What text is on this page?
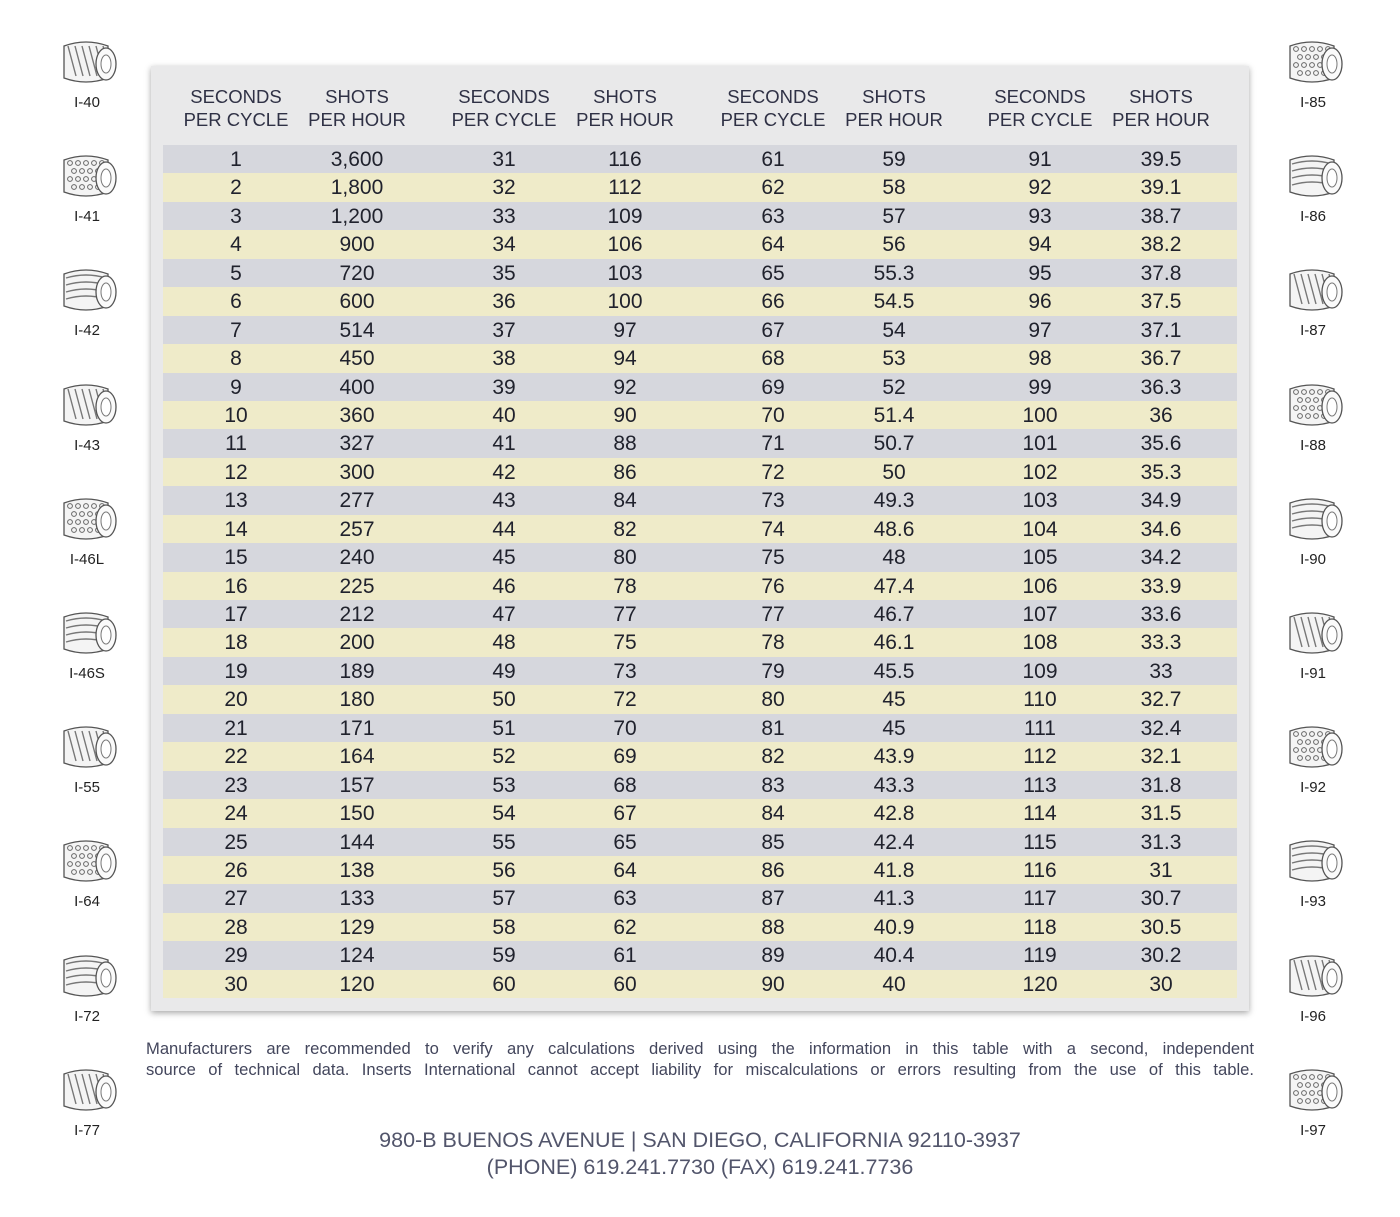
I-40
I-41
I-42
I-43
I-46L
I-46S
I-55
I-64
I-72
I-77
I-85
I-86
I-87
I-88
I-90
I-91
I-92
I-93
I-96
I-97
SECONDS
PER CYCLE
SHOTS
PER HOUR
SECONDS
PER CYCLE
SHOTS
PER HOUR
SECONDS
PER CYCLE
SHOTS
PER HOUR
SECONDS
PER CYCLE
SHOTS
PER HOUR
1	3,600	31	116	61	59	91	39.5
2	1,800	32	112	62	58	92	39.1
3	1,200	33	109	63	57	93	38.7
4	900	34	106	64	56	94	38.2
5	720	35	103	65	55.3	95	37.8
6	600	36	100	66	54.5	96	37.5
7	514	37	97	67	54	97	37.1
8	450	38	94	68	53	98	36.7
9	400	39	92	69	52	99	36.3
10	360	40	90	70	51.4	100	36
11	327	41	88	71	50.7	101	35.6
12	300	42	86	72	50	102	35.3
13	277	43	84	73	49.3	103	34.9
14	257	44	82	74	48.6	104	34.6
15	240	45	80	75	48	105	34.2
16	225	46	78	76	47.4	106	33.9
17	212	47	77	77	46.7	107	33.6
18	200	48	75	78	46.1	108	33.3
19	189	49	73	79	45.5	109	33
20	180	50	72	80	45	110	32.7
21	171	51	70	81	45	111	32.4
22	164	52	69	82	43.9	112	32.1
23	157	53	68	83	43.3	113	31.8
24	150	54	67	84	42.8	114	31.5
25	144	55	65	85	42.4	115	31.3
26	138	56	64	86	41.8	116	31
27	133	57	63	87	41.3	117	30.7
28	129	58	62	88	40.9	118	30.5
29	124	59	61	89	40.4	119	30.2
30	120	60	60	90	40	120	30
Manufacturers are recommended to verify any calculations derived using the information in this table with a second, independent
source of technical data. Inserts International cannot accept liability for miscalculations or errors resulting from the use of this table.
980-B BUENOS AVENUE | SAN DIEGO, CALIFORNIA 92110-3937
(PHONE) 619.241.7730 (FAX) 619.241.7736
